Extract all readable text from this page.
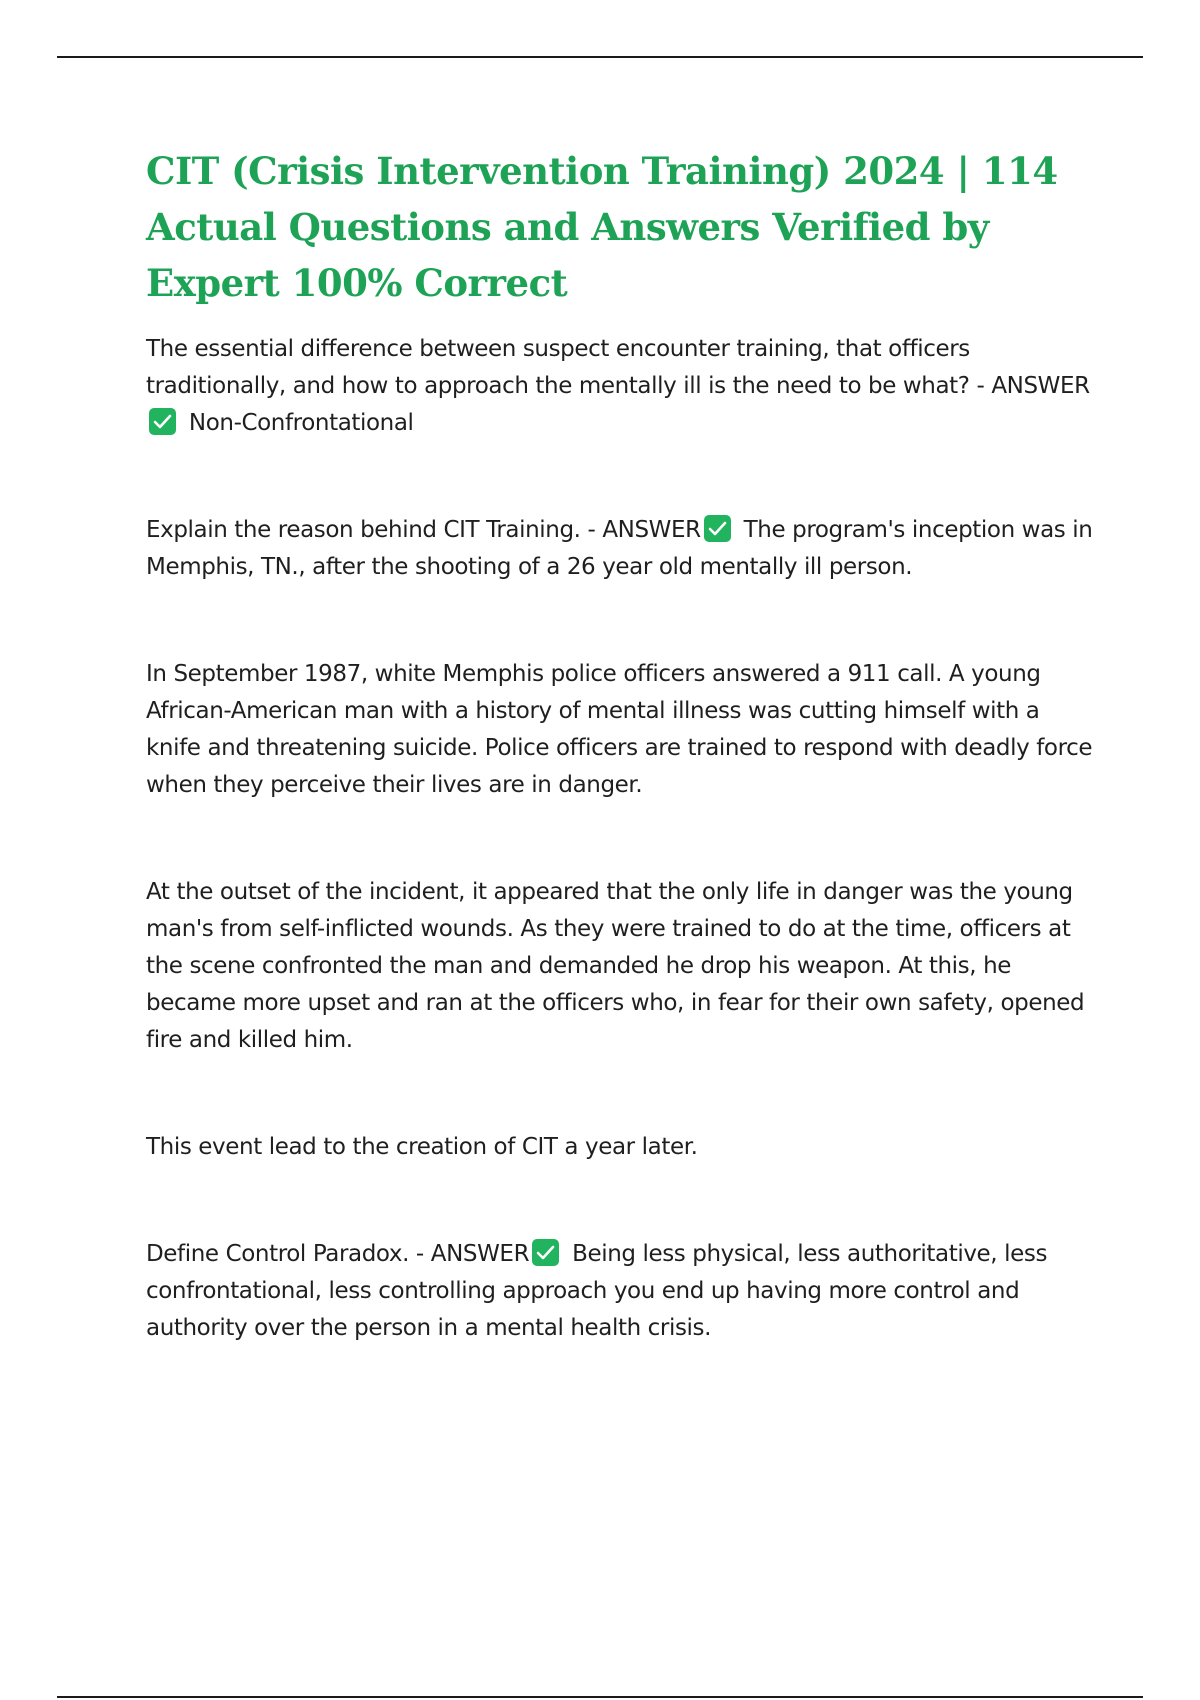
CIT (Crisis Intervention Training) 2024 | 114 Actual Questions and Answers Verified by Expert 100% Correct

The essential difference between suspect encounter training, that officers traditionally, and how to approach the mentally ill is the need to be what? - ANSWER
Non-Confrontational

Explain the reason behind CIT Training. - ANSWER The program's inception was in Memphis, TN., after the shooting of a 26 year old mentally ill person.

In September 1987, white Memphis police officers answered a 911 call. A young African-American man with a history of mental illness was cutting himself with a knife and threatening suicide. Police officers are trained to respond with deadly force when they perceive their lives are in danger.

At the outset of the incident, it appeared that the only life in danger was the young man's from self-inflicted wounds. As they were trained to do at the time, officers at the scene confronted the man and demanded he drop his weapon. At this, he became more upset and ran at the officers who, in fear for their own safety, opened fire and killed him.

This event lead to the creation of CIT a year later.

Define Control Paradox. - ANSWER Being less physical, less authoritative, less confrontational, less controlling approach you end up having more control and authority over the person in a mental health crisis.
